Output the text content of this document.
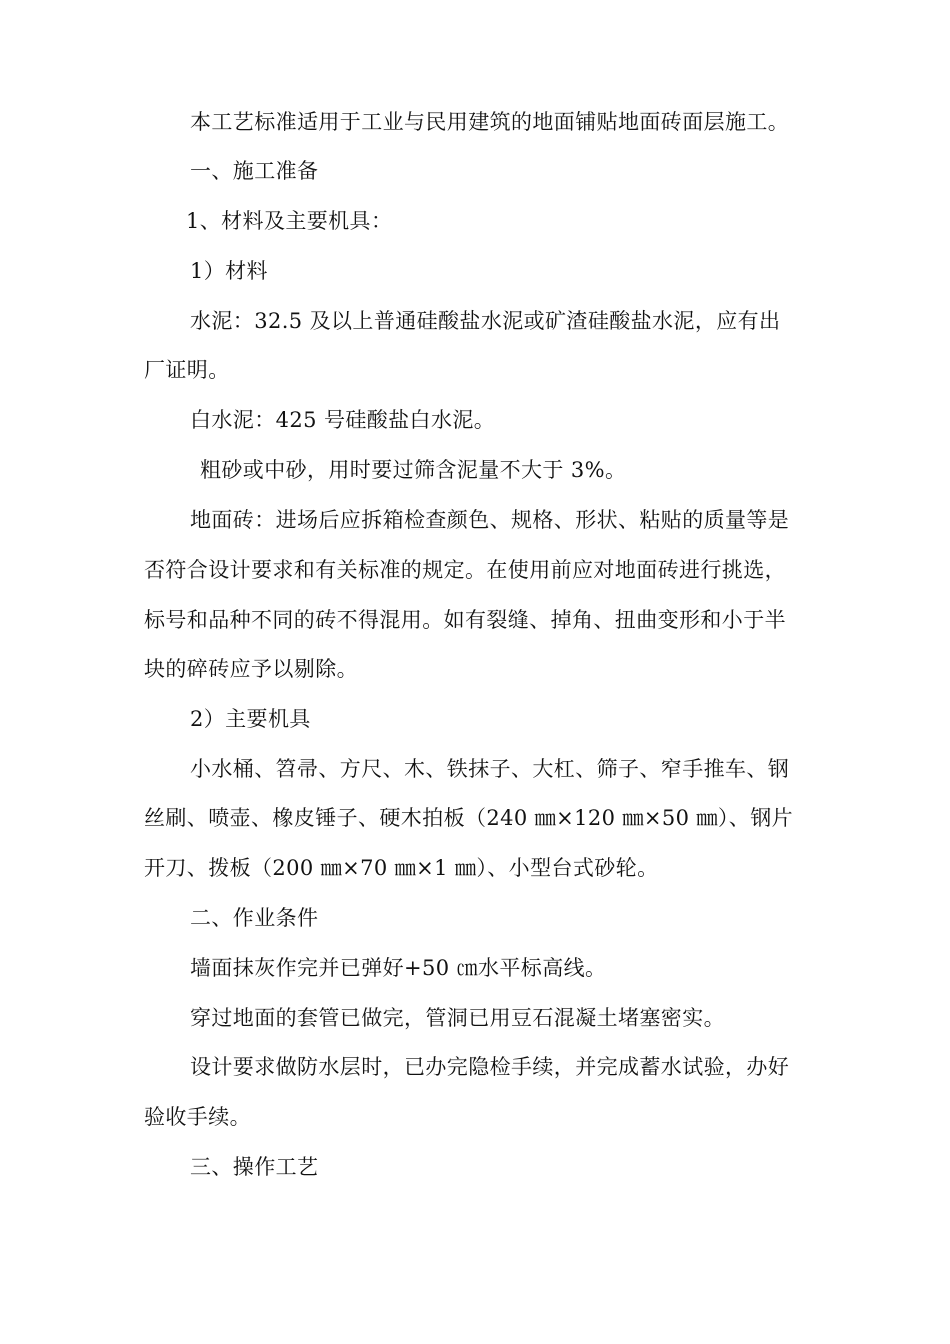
本工艺标准适用于工业与民用建筑的地面铺贴地面砖面层施工。
一、施工准备
1、材料及主要机具：
1）材料
水泥：32.5 及以上普通硅酸盐水泥或矿渣硅酸盐水泥，应有出
厂证明。
白水泥：425 号硅酸盐白水泥。
粗砂或中砂，用时要过筛含泥量不大于 3%。
地面砖：进场后应拆箱检查颜色、规格、形状、粘贴的质量等是
否符合设计要求和有关标准的规定。在使用前应对地面砖进行挑选，
标号和品种不同的砖不得混用。如有裂缝、掉角、扭曲变形和小于半
块的碎砖应予以剔除。
2）主要机具
小水桶、笤帚、方尺、木、铁抹子、大杠、筛子、窄手推车、钢
丝刷、喷壶、橡皮锤子、硬木拍板（240 ㎜×120 ㎜×50 ㎜）、钢片
开刀、拨板（200 ㎜×70 ㎜×1 ㎜）、小型台式砂轮。
二、作业条件
墙面抹灰作完并已弹好+50 ㎝水平标高线。
穿过地面的套管已做完，管洞已用豆石混凝土堵塞密实。
设计要求做防水层时，已办完隐检手续，并完成蓄水试验，办好
验收手续。
三、操作工艺
